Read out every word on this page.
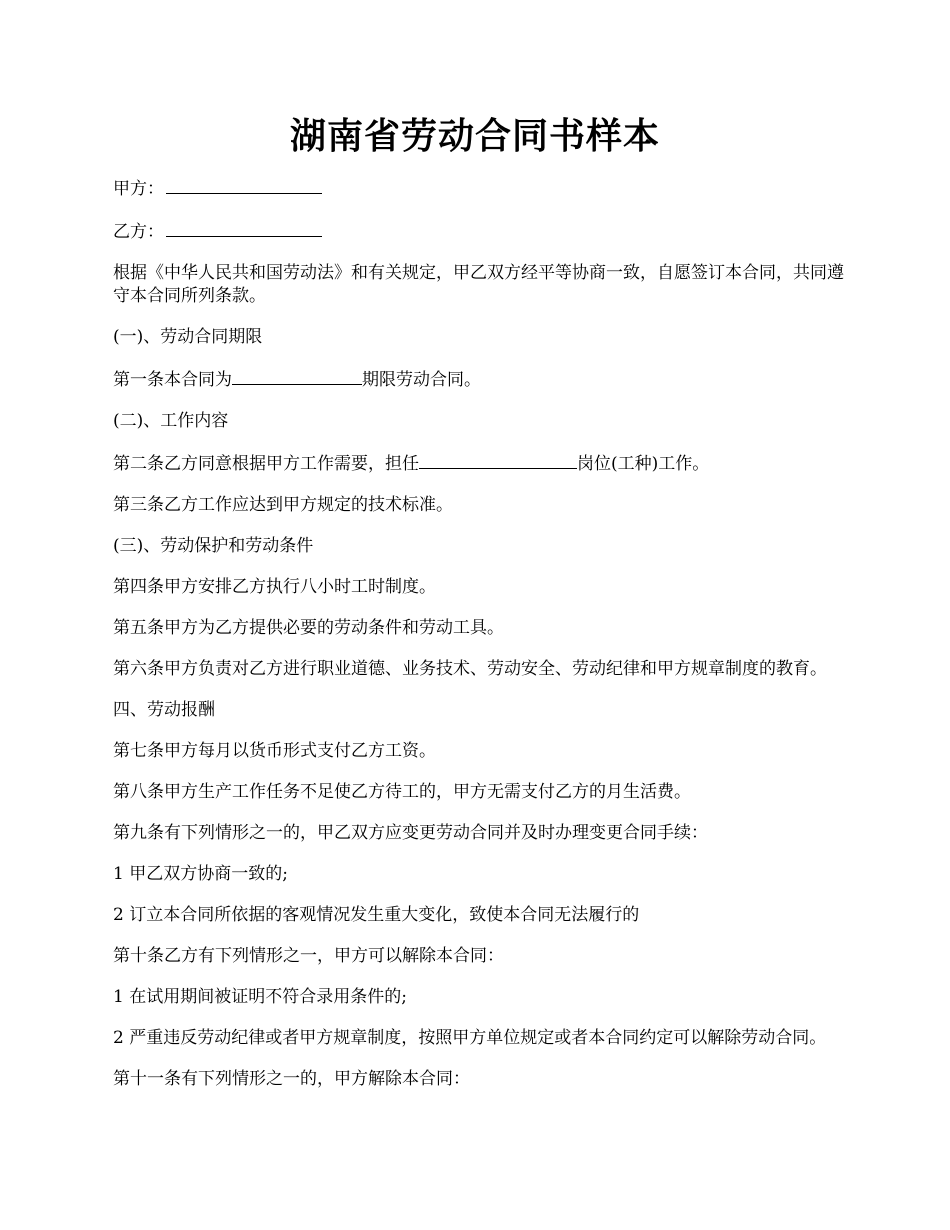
湖南省劳动合同书样本

甲方：

乙方：

根据《中华人民共和国劳动法》和有关规定，甲乙双方经平等协商一致，自愿签订本合同，共同遵守本合同所列条款。

(一)、劳动合同期限

第一条本合同为	期限劳动合同。

(二)、工作内容

第二条乙方同意根据甲方工作需要，担任	岗位(工种)工作。

第三条乙方工作应达到甲方规定的技术标准。

(三)、劳动保护和劳动条件

第四条甲方安排乙方执行八小时工时制度。

第五条甲方为乙方提供必要的劳动条件和劳动工具。

第六条甲方负责对乙方进行职业道德、业务技术、劳动安全、劳动纪律和甲方规章制度的教育。

四、劳动报酬

第七条甲方每月以货币形式支付乙方工资。

第八条甲方生产工作任务不足使乙方待工的，甲方无需支付乙方的月生活费。

第九条有下列情形之一的，甲乙双方应变更劳动合同并及时办理变更合同手续：

1 甲乙双方协商一致的;

2 订立本合同所依据的客观情况发生重大变化，致使本合同无法履行的

第十条乙方有下列情形之一，甲方可以解除本合同：

1 在试用期间被证明不符合录用条件的;

2 严重违反劳动纪律或者甲方规章制度，按照甲方单位规定或者本合同约定可以解除劳动合同。

第十一条有下列情形之一的，甲方解除本合同：
